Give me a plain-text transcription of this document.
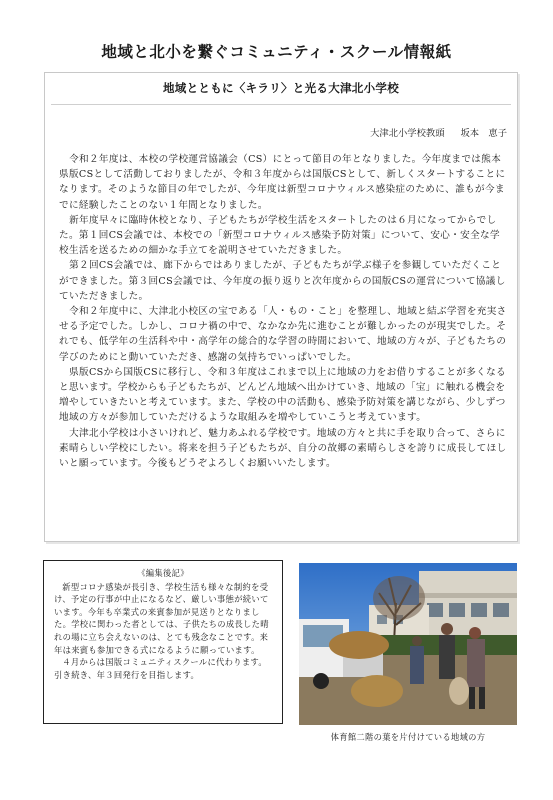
地域と北小を繋ぐコミュニティ・スクール情報紙
地域とともに〈キラリ〉と光る大津北小学校
大津北小学校教頭 坂本　恵子

令和２年度は、本校の学校運営協議会（CS）にとって節目の年となりました。今年度までは熊本県版CSとして活動しておりましたが、令和３年度からは国版CSとして、新しくスタートすることになります。そのような節目の年でしたが、今年度は新型コロナウィルス感染症のために、誰もが今までに経験したことのない１年間となりました。

新年度早々に臨時休校となり、子どもたちが学校生活をスタートしたのは６月になってからでした。第１回CS会議では、本校での「新型コロナウィルス感染予防対策」について、安心・安全な学校生活を送るための細かな手立てを説明させていただきました。

第２回CS会議では、廊下からではありましたが、子どもたちが学ぶ様子を参観していただくことができました。第３回CS会議では、今年度の振り返りと次年度からの国版CSの運営について協議していただきました。

令和２年度中に、大津北小校区の宝である「人・もの・こと」を整理し、地域と結ぶ学習を充実させる予定でした。しかし、コロナ禍の中で、なかなか先に進むことが難しかったのが現実でした。それでも、低学年の生活科や中・高学年の総合的な学習の時間において、地域の方々が、子どもたちの学びのためにと動いていただき、感謝の気持ちでいっぱいでした。

県版CSから国版CSに移行し、令和３年度はこれまで以上に地域の力をお借りすることが多くなると思います。学校からも子どもたちが、どんどん地域へ出かけていき、地域の「宝」に触れる機会を増やしていきたいと考えています。また、学校の中の活動も、感染予防対策を講じながら、少しずつ地域の方々が参加していただけるような取組みを増やしていこうと考えています。

大津北小学校は小さいけれど、魅力あふれる学校です。地域の方々と共に手を取り合って、さらに素晴らしい学校にしたい。将来を担う子どもたちが、自分の故郷の素晴らしさを誇りに成長してほしいと願っています。今後もどうぞよろしくお願いいたします。

《編集後記》

新型コロナ感染が長引き、学校生活も様々な制約を受け、予定の行事が中止になるなど、厳しい事態が続いています。今年も卒業式の来賓参加が見送りとなりました。学校に関わった者としては、子供たちの成長した晴れの場に立ち会えないのは、とても残念なことです。来年は来賓も参加できる式になるように願っています。

４月からは国版コミュニティスクールに代わります。引き続き、年３回発行を目指します。

体育館二階の葉を片付けている地域の方
